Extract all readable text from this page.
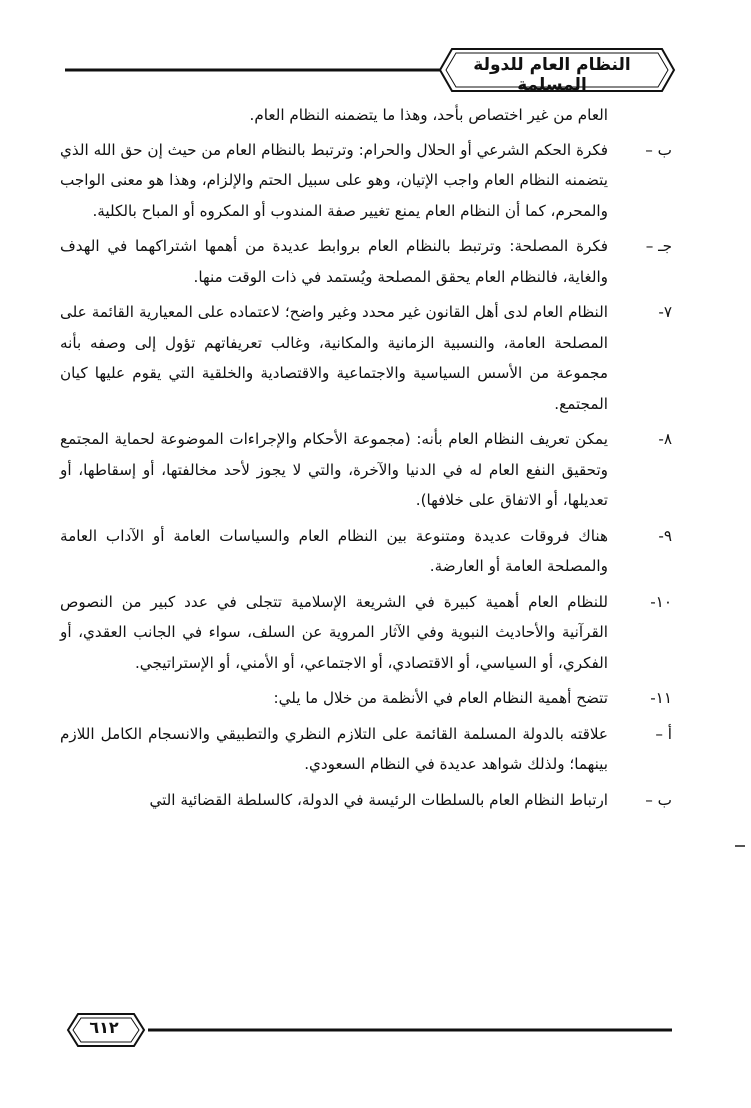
النظام العام للدولة المسلمة

العام من غير اختصاص بأحد، وهذا ما يتضمنه النظام العام.

ب –
فكرة الحكم الشرعي أو الحلال والحرام: وترتبط بالنظام العام من حيث إن حق الله الذي يتضمنه النظام العام واجب الإتيان، وهو على سبيل الحتم والإلزام، وهذا هو معنى الواجب والمحرم، كما أن النظام العام يمنع تغيير صفة المندوب أو المكروه أو المباح بالكلية.
جـ –
فكرة المصلحة: وترتبط بالنظام العام بروابط عديدة من أهمها اشتراكهما في الهدف والغاية، فالنظام العام يحقق المصلحة ويُستمد في ذات الوقت منها.
٧-
النظام العام لدى أهل القانون غير محدد وغير واضح؛ لاعتماده على المعيارية القائمة على المصلحة العامة، والنسبية الزمانية والمكانية، وغالب تعريفاتهم تؤول إلى وصفه بأنه مجموعة من الأسس السياسية والاجتماعية والاقتصادية والخلقية التي يقوم عليها كيان المجتمع.
٨-
يمكن تعريف النظام العام بأنه: (مجموعة الأحكام والإجراءات الموضوعة لحماية المجتمع وتحقيق النفع العام له في الدنيا والآخرة، والتي لا يجوز لأحد مخالفتها، أو إسقاطها، أو تعديلها، أو الاتفاق على خلافها).
٩-
هناك فروقات عديدة ومتنوعة بين النظام العام والسياسات العامة أو الآداب العامة والمصلحة العامة أو العارضة.
١٠-
للنظام العام أهمية كبيرة في الشريعة الإسلامية تتجلى في عدد كبير من النصوص القرآنية والأحاديث النبوية وفي الآثار المروية عن السلف، سواء في الجانب العقدي، أو الفكري، أو السياسي، أو الاقتصادي، أو الاجتماعي، أو الأمني، أو الإستراتيجي.
١١-
تتضح أهمية النظام العام في الأنظمة من خلال ما يلي:
أ –
علاقته بالدولة المسلمة القائمة على التلازم النظري والتطبيقي والانسجام الكامل اللازم بينهما؛ ولذلك شواهد عديدة في النظام السعودي.
ب –
ارتباط النظام العام بالسلطات الرئيسة في الدولة، كالسلطة القضائية التي
٦١٢
